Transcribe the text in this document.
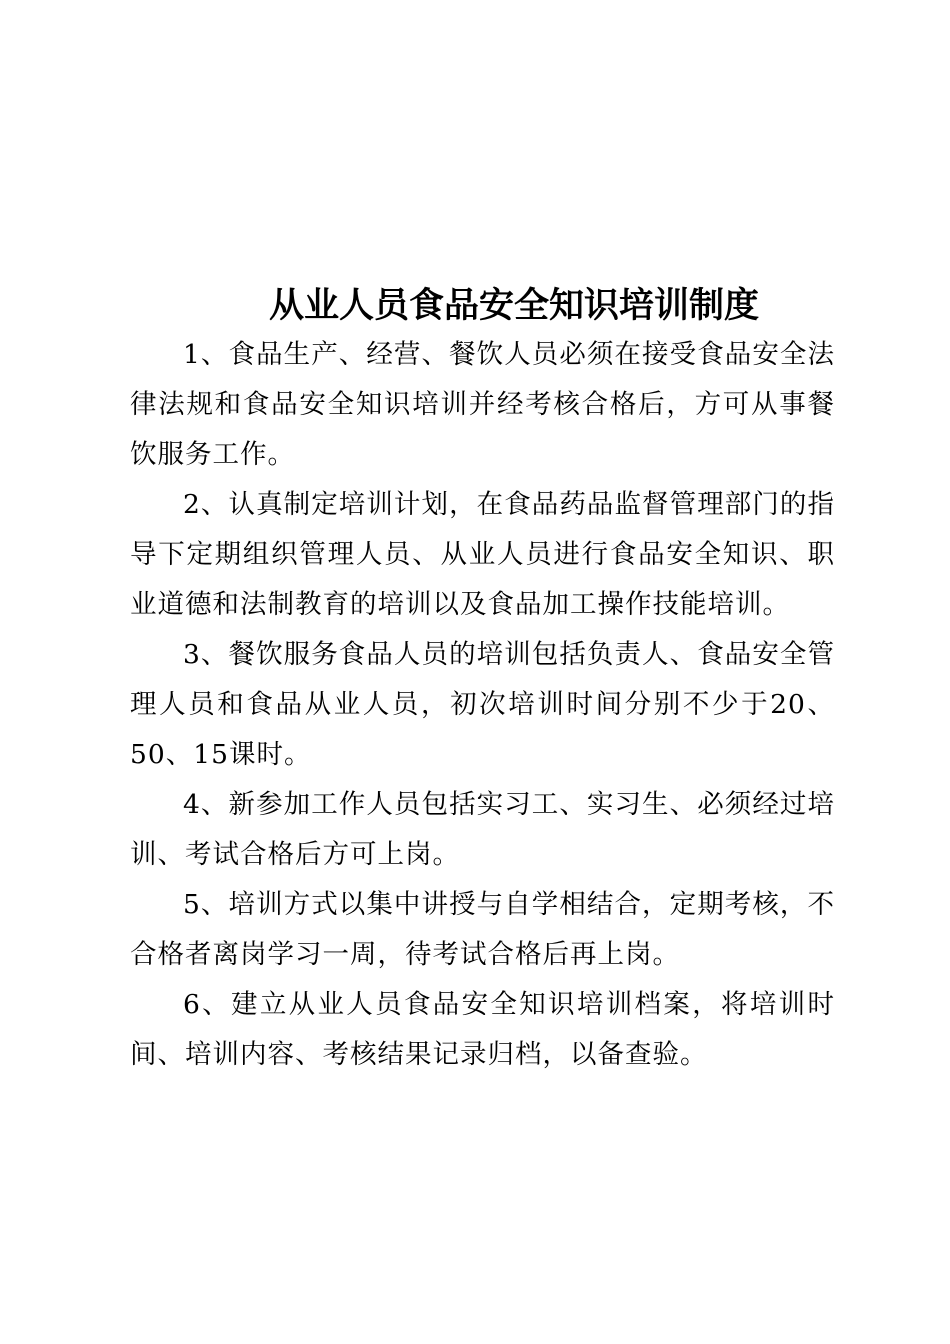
从业人员食品安全知识培训制度

1、食品生产、经营、餐饮人员必须在接受食品安全法律法规和食品安全知识培训并经考核合格后，方可从事餐饮服务工作。

2、认真制定培训计划，在食品药品监督管理部门的指导下定期组织管理人员、从业人员进行食品安全知识、职业道德和法制教育的培训以及食品加工操作技能培训。

3、餐饮服务食品人员的培训包括负责人、食品安全管理人员和食品从业人员，初次培训时间分别不少于20、50、15课时。

4、新参加工作人员包括实习工、实习生、必须经过培训、考试合格后方可上岗。

5、培训方式以集中讲授与自学相结合，定期考核，不合格者离岗学习一周，待考试合格后再上岗。

6、建立从业人员食品安全知识培训档案，将培训时间、培训内容、考核结果记录归档，以备查验。
